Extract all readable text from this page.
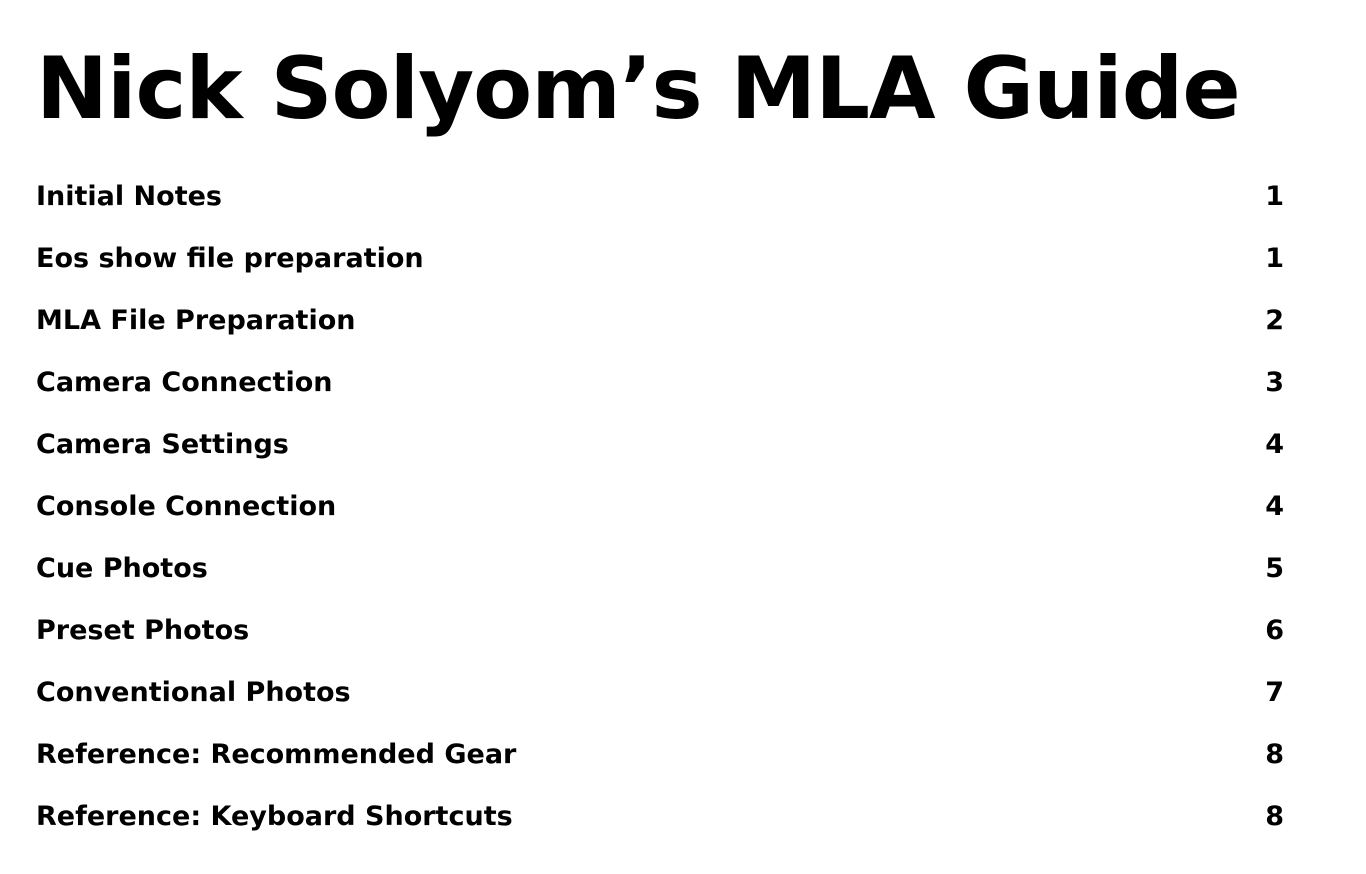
Nick Solyom’s MLA Guide
Initial Notes	1
Eos show file preparation	1
MLA File Preparation	2
Camera Connection	3
Camera Settings	4
Console Connection	4
Cue Photos	5
Preset Photos	6
Conventional Photos	7
Reference: Recommended Gear	8
Reference: Keyboard Shortcuts	8
